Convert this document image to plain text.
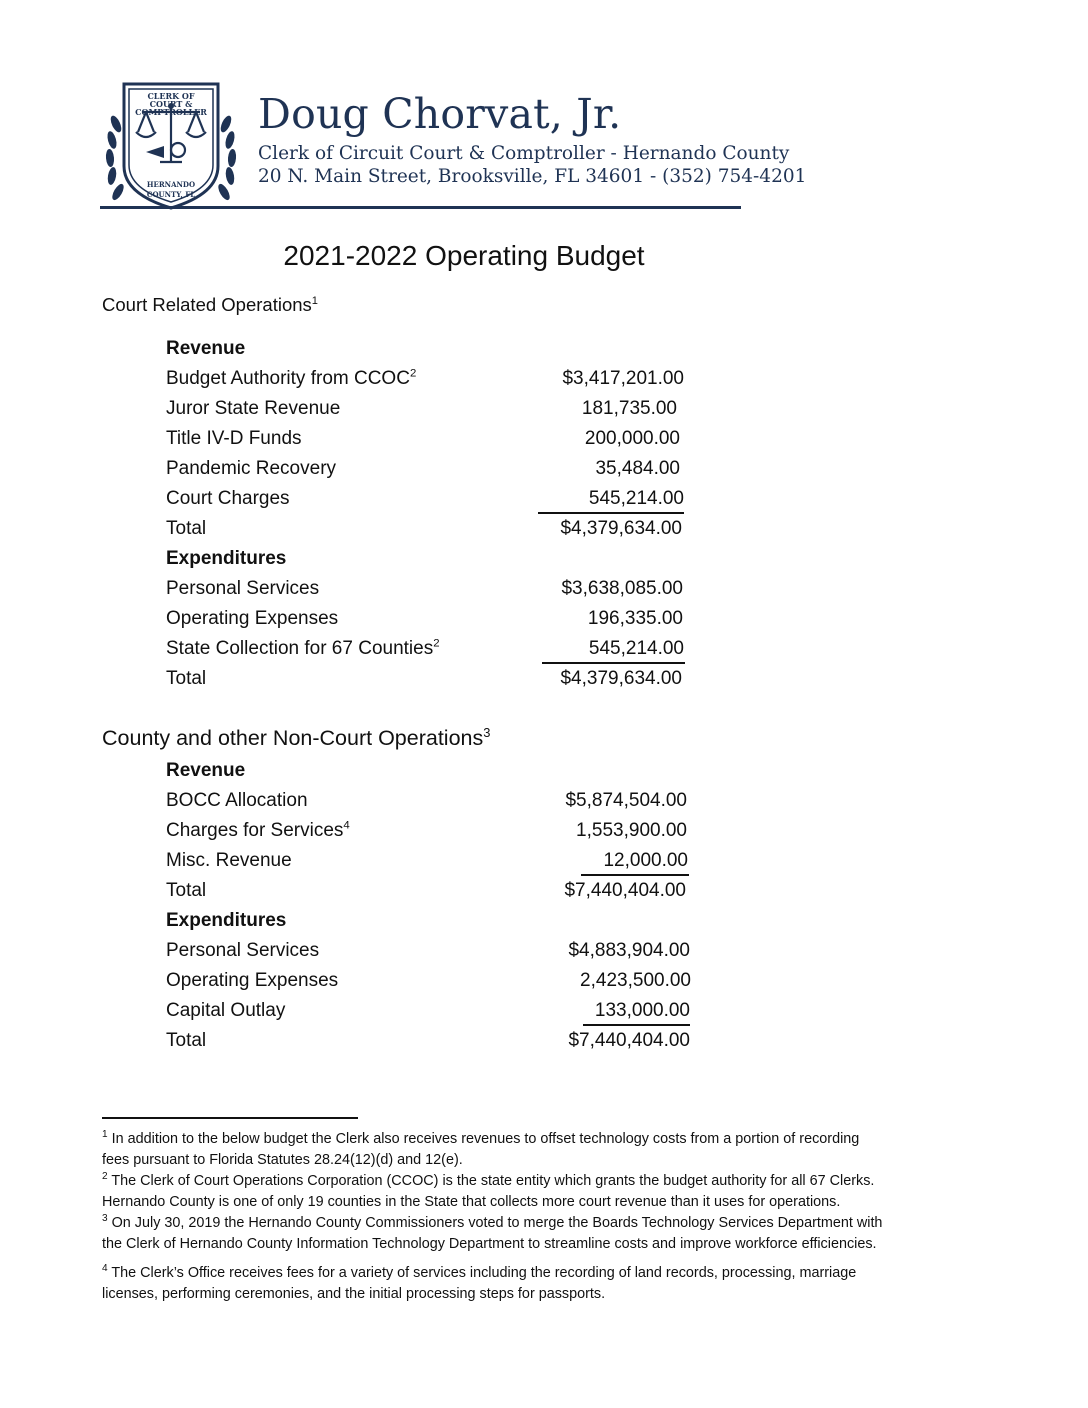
CLERK OF COURT & COMPTROLLER
HERNANDO
COUNTY, FL
Doug Chorvat, Jr.
Clerk of Circuit Court & Comptroller - Hernando County
20 N. Main Street, Brooksville, FL 34601 - (352) 754-4201
2021-2022 Operating Budget
Court Related Operations$^1$
Revenue
Budget Authority from CCOC$^2$	$3,417,201.00
Juror State Revenue	181,735.00
Title IV-D Funds	200,000.00
Pandemic Recovery	35,484.00
Court Charges	545,214.00
Total	$4,379,634.00
Expenditures
Personal Services	$3,638,085.00
Operating Expenses	196,335.00
State Collection for 67 Counties$^2$	545,214.00
Total	$4,379,634.00
County and other Non-Court Operations$^3$
Revenue
BOCC Allocation	$5,874,504.00
Charges for Services$^4$	1,553,900.00
Misc. Revenue	12,000.00
Total	$7,440,404.00
Expenditures
Personal Services	$4,883,904.00
Operating Expenses	2,423,500.00
Capital Outlay	133,000.00
Total	$7,440,404.00
$^1$ In addition to the below budget the Clerk also receives revenues to offset technology costs from a portion of recording
fees pursuant to Florida Statutes 28.24(12)(d) and 12(e).
$^2$ The Clerk of Court Operations Corporation (CCOC) is the state entity which grants the budget authority for all 67 Clerks.
Hernando County is one of only 19 counties in the State that collects more court revenue than it uses for operations.
$^3$ On July 30, 2019 the Hernando County Commissioners voted to merge the Boards Technology Services Department with
the Clerk of Hernando County Information Technology Department to streamline costs and improve workforce efficiencies.
$^4$ The Clerk’s Office receives fees for a variety of services including the recording of land records, processing, marriage
licenses, performing ceremonies, and the initial processing steps for passports.
